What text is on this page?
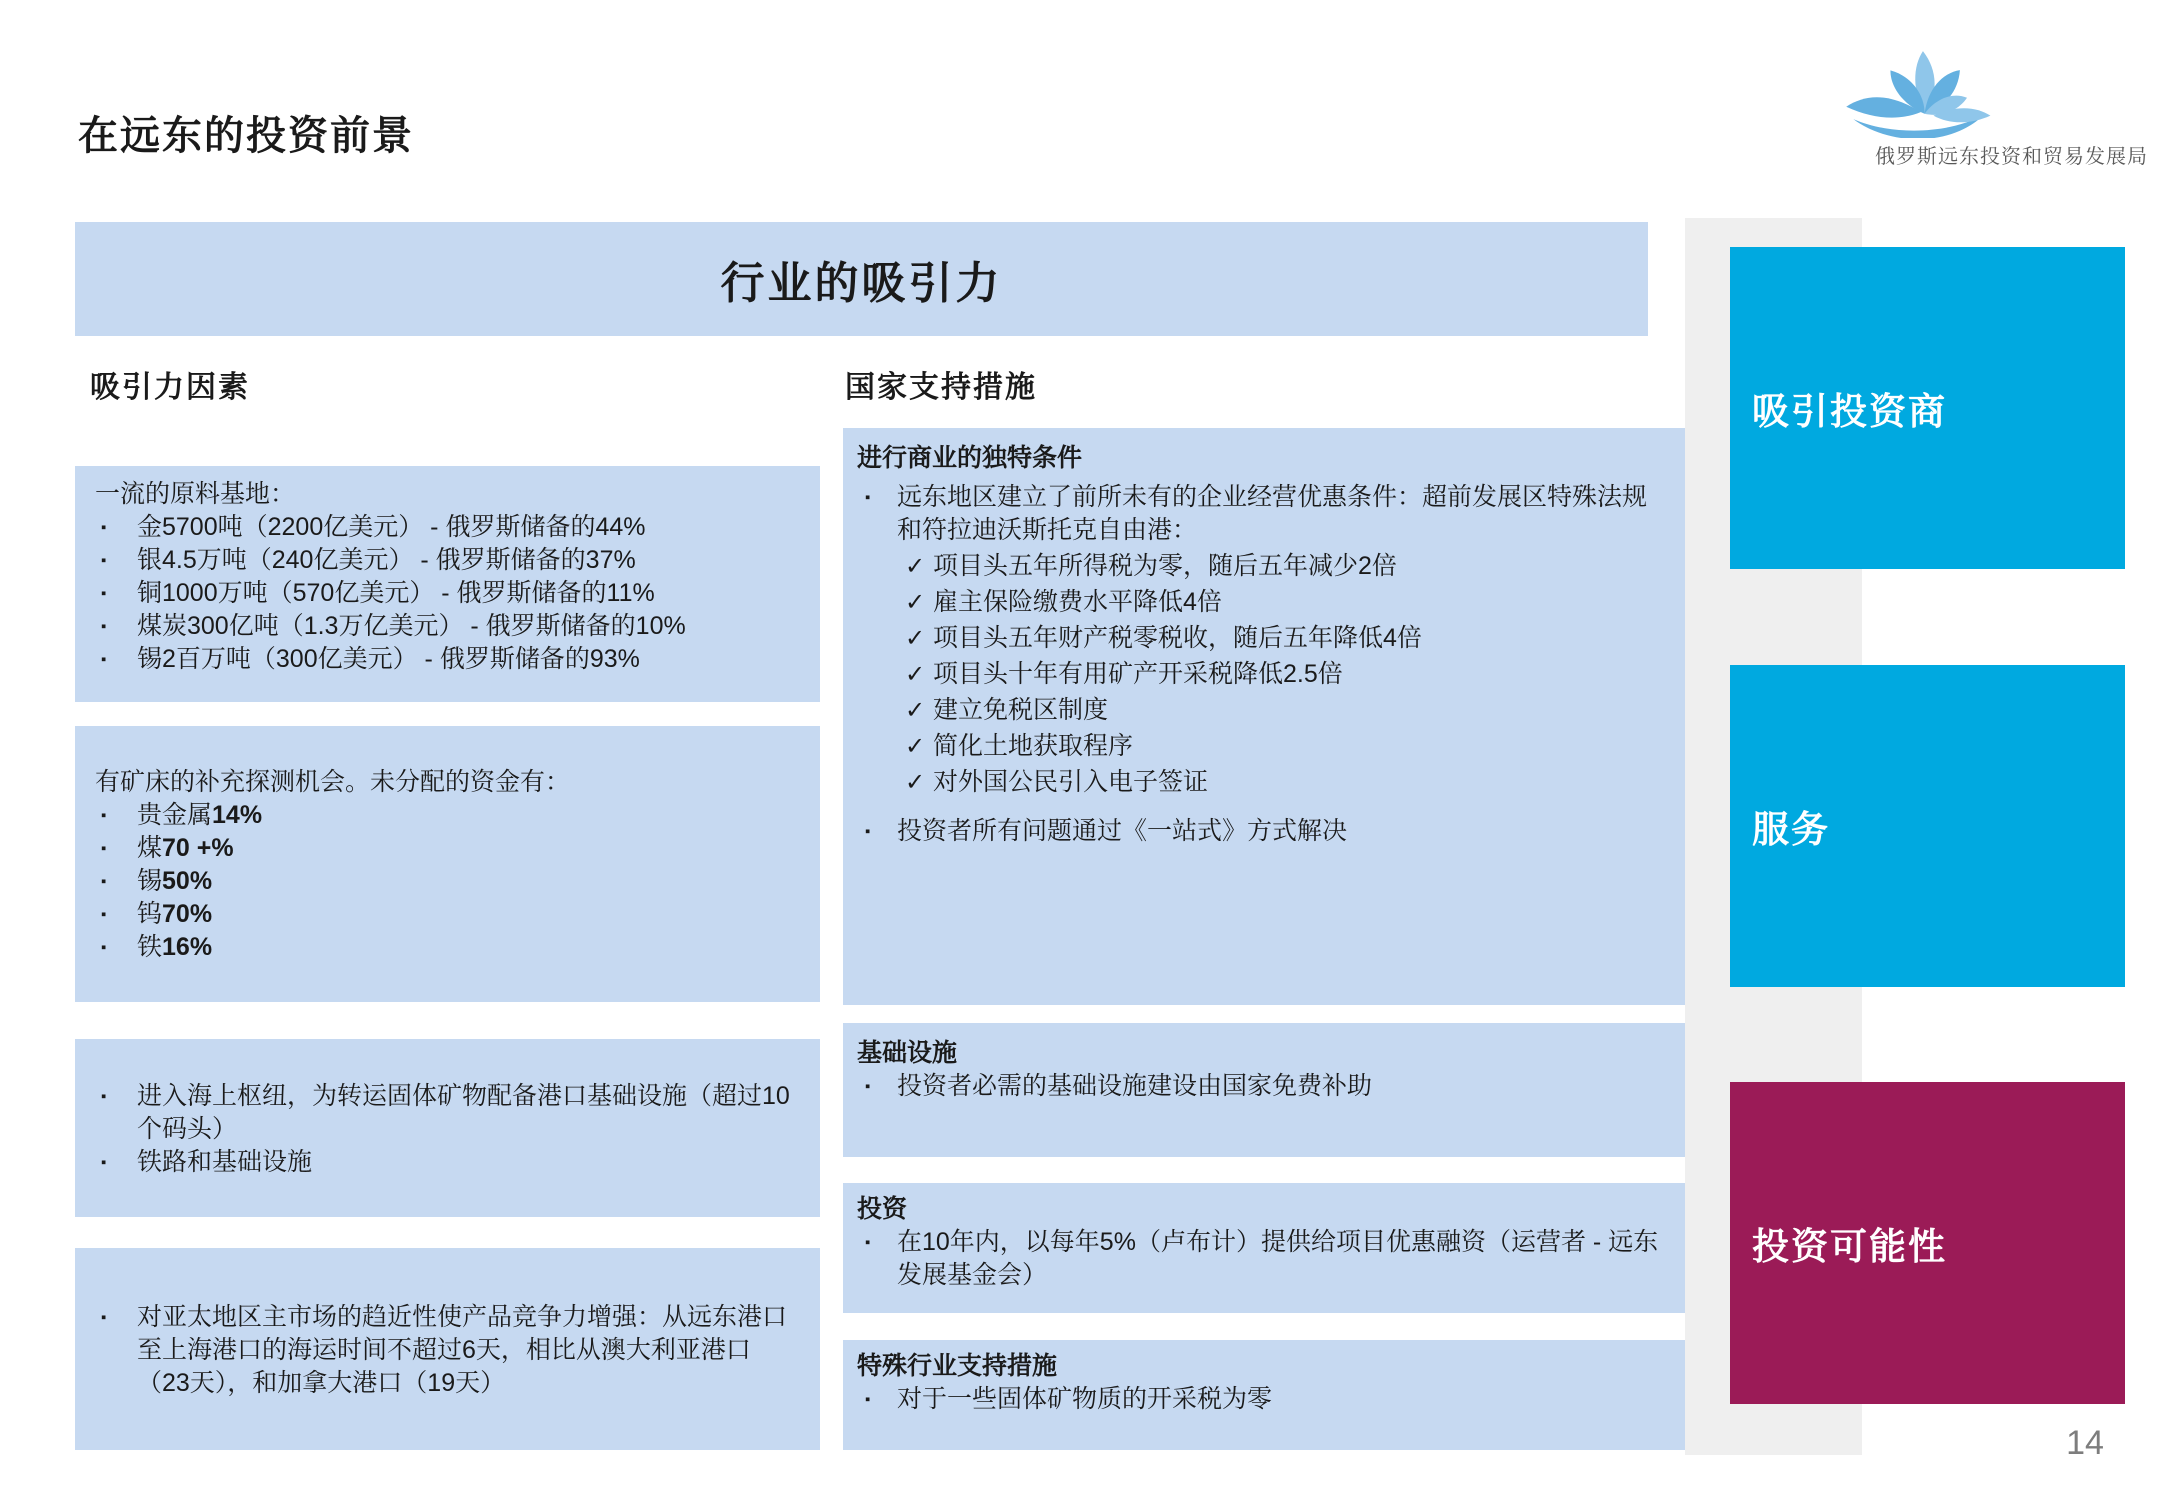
在远东的投资前景	俄罗斯远东投资和贸易发展局
行业的吸引力
吸引力因素	国家支持措施
一流的原料基地：
▪	金5700吨（2200亿美元） - 俄罗斯储备的44%
▪	银4.5万吨（240亿美元） - 俄罗斯储备的37%
▪	铜1000万吨（570亿美元） - 俄罗斯储备的11%
▪	煤炭300亿吨（1.3万亿美元） - 俄罗斯储备的10%
▪	锡2百万吨（300亿美元） - 俄罗斯储备的93%
有矿床的补充探测机会。未分配的资金有：
▪	贵金属14%
▪	煤70 +%
▪	锡50%
▪	钨70%
▪	铁16%
▪	进入海上枢纽，为转运固体矿物配备港口基础设施（超过10个码头）
▪	铁路和基础设施
▪	对亚太地区主市场的趋近性使产品竞争力增强：从远东港口至上海港口的海运时间不超过6天，相比从澳大利亚港口（23天），和加拿大港口（19天）
进行商业的独特条件
▪	远东地区建立了前所未有的企业经营优惠条件：超前发展区特殊法规和符拉迪沃斯托克自由港：
✓ 项目头五年所得税为零，随后五年减少2倍
✓ 雇主保险缴费水平降低4倍
✓ 项目头五年财产税零税收，随后五年降低4倍
✓ 项目头十年有用矿产开采税降低2.5倍
✓ 建立免税区制度
✓ 简化土地获取程序
✓ 对外国公民引入电子签证
▪	投资者所有问题通过《一站式》方式解决
基础设施
▪	投资者必需的基础设施建设由国家免费补助
投资
▪	在10年内，以每年5%（卢布计）提供给项目优惠融资（运营者 - 远东发展基金会）
特殊行业支持措施
▪	对于一些固体矿物质的开采税为零
吸引投资商
服务
投资可能性
14
